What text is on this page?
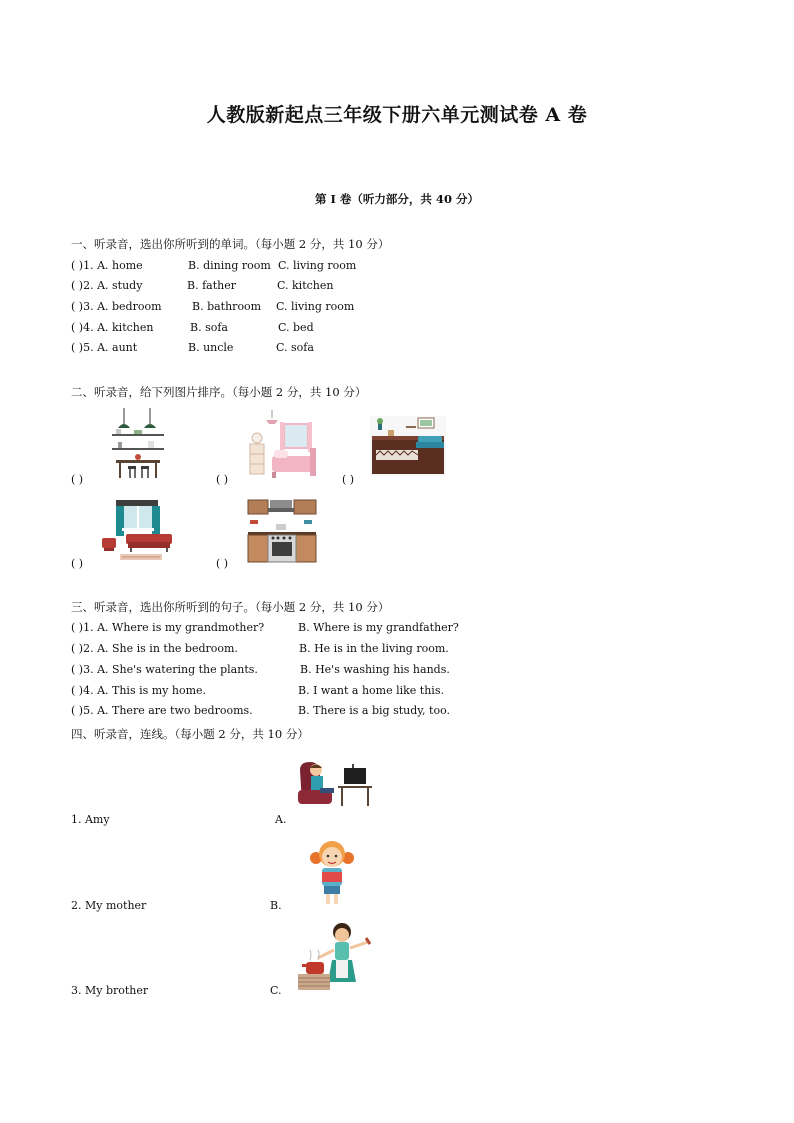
人教版新起点三年级下册六单元测试卷 A 卷
第 I 卷（听力部分，共 40 分）
一、听录音，选出你所听到的单词。（每小题 2 分，共 10 分）
( )1. A. home	B. dining room C. living room
( )2. A. study	B. father	C. kitchen
( )3. A. bedroom	B. bathroom C. living room
( )4. A. kitchen	B. sofa	C. bed
( )5. A. aunt	B. uncle	C. sofa
二、听录音，给下列图片排序。（每小题 2 分，共 10 分）
( )	( )	( )
( )	( )
三、听录音，选出你所听到的句子。（每小题 2 分，共 10 分）
( )1. A. Where is my grandmother?	B. Where is my grandfather?
( )2. A. She is in the bedroom.	B. He is in the living room.
( )3. A. She's watering the plants.	B. He's washing his hands.
( )4. A. This is my home.	B. I want a home like this.
( )5. A. There are two bedrooms.	B. There is a big study, too.
四、听录音，连线。（每小题 2 分，共 10 分）
1. Amy	A.
2. My mother	B.
3. My brother	C.
